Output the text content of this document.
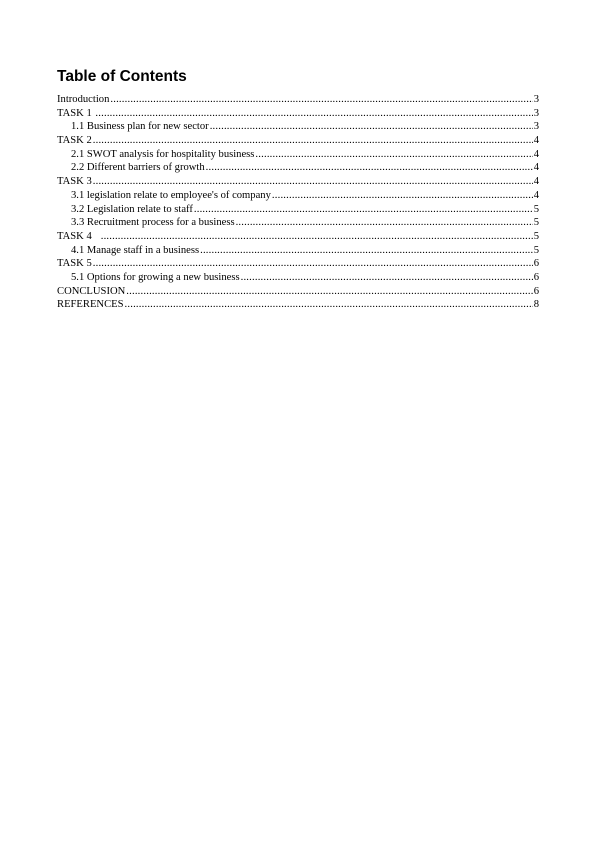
Table of Contents
Introduction .....	3
TASK 1 .....	3
1.1 Business plan for new sector .....	3
TASK 2 .....	4
2.1 SWOT analysis for hospitality business .....	4
2.2 Different barriers of growth .....	4
TASK 3 .....	4
3.1 legislation relate to employee's of company .....	4
3.2 Legislation relate to staff .....	5
3.3 Recruitment process for a business .....	5
TASK 4 .....	5
4.1 Manage staff in a business .....	5
TASK 5 .....	6
5.1 Options for growing a new business .....	6
CONCLUSION .....	6
REFERENCES .....	8
